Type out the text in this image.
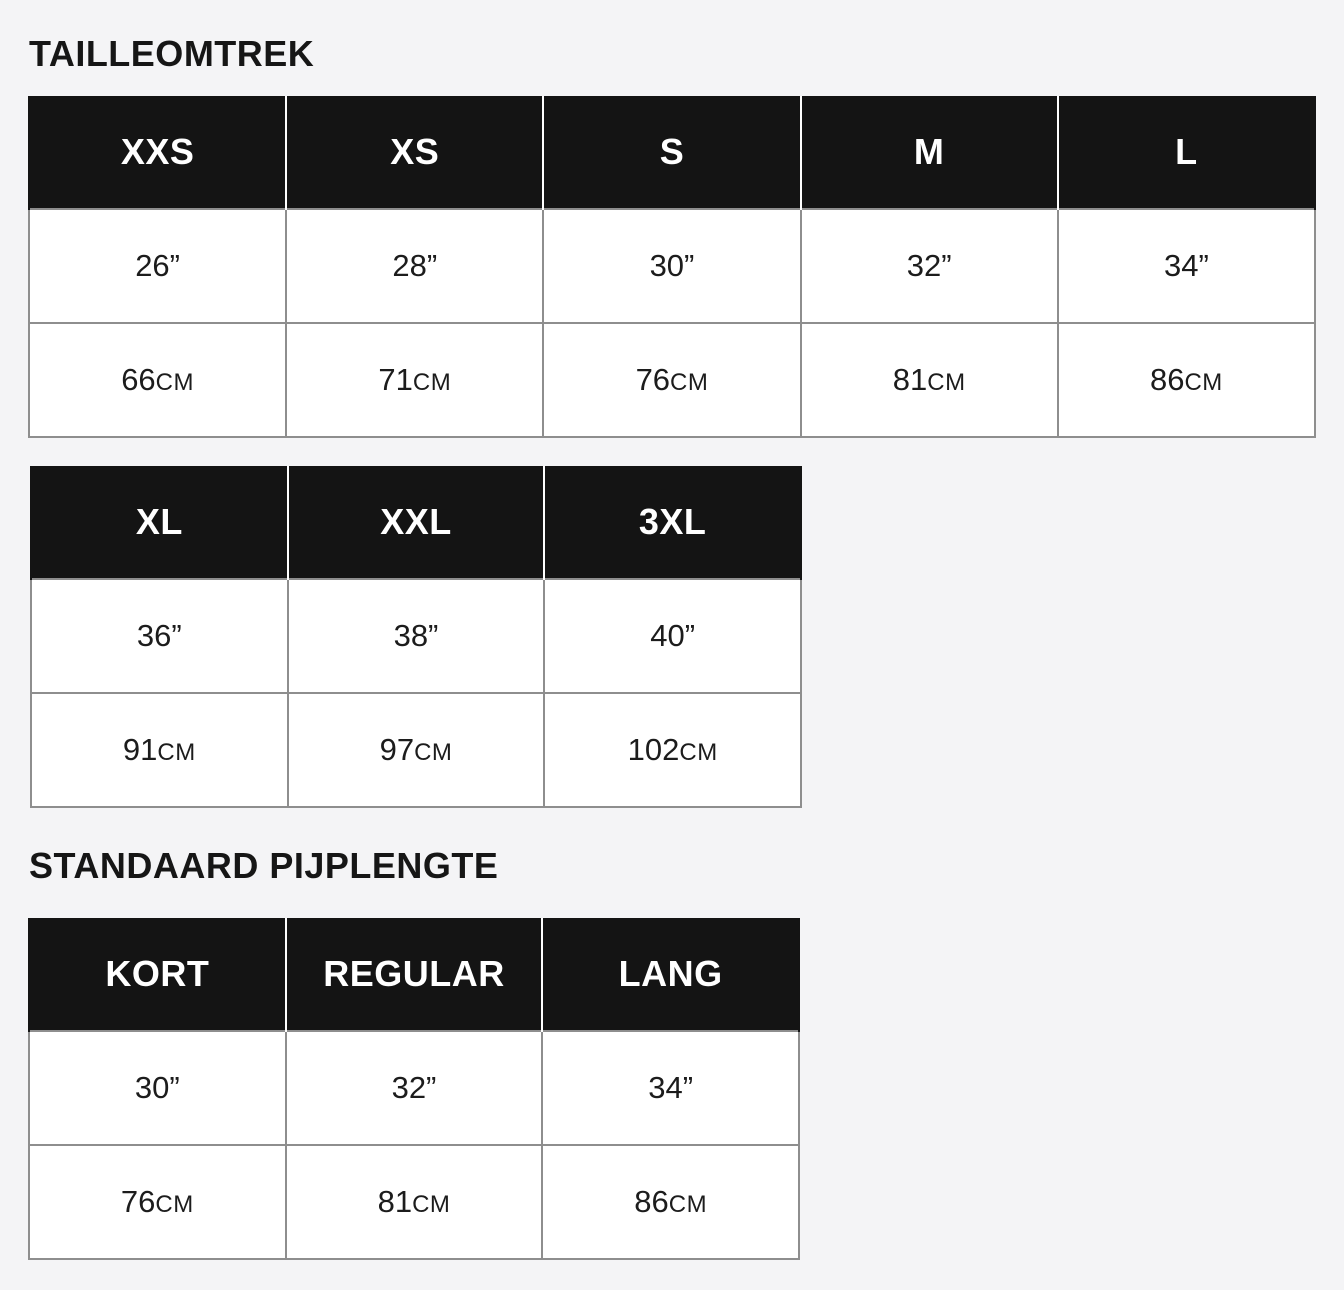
TAILLEOMTREK
XXS	XS	S	M	L
26”	28”	30”	32”	34”
66CM	71CM	76CM	81CM	86CM
XL	XXL	3XL
36”	38”	40”
91CM	97CM	102CM
STANDAARD PIJPLENGTE
KORT	REGULAR	LANG
30”	32”	34”
76CM	81CM	86CM
